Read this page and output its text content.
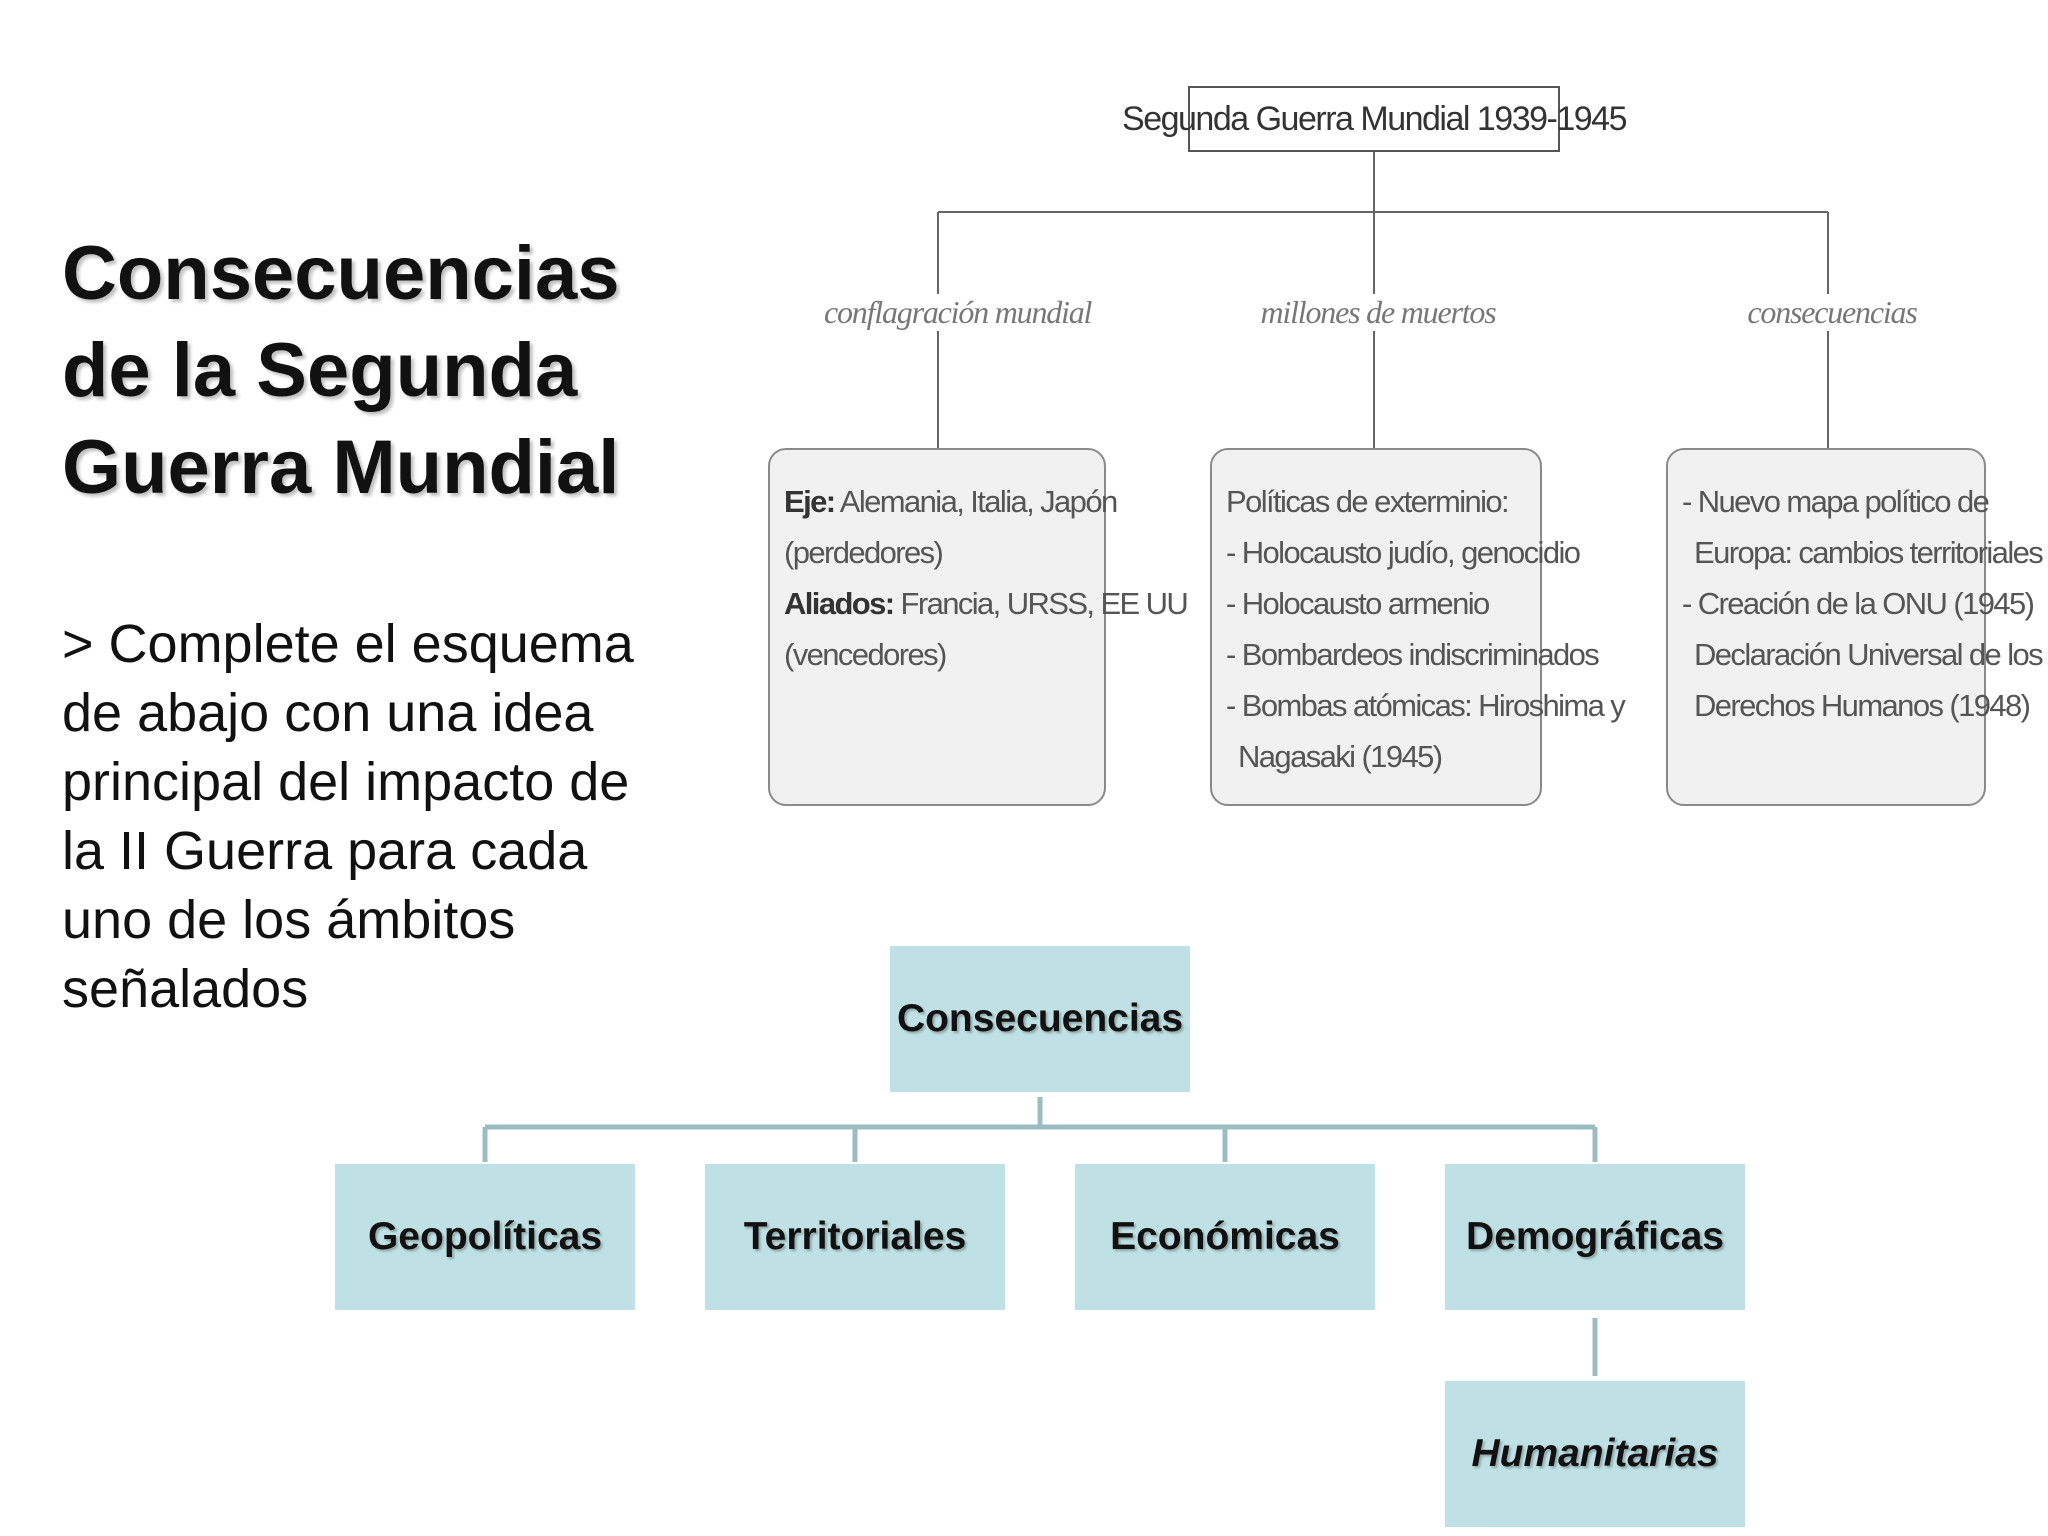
Consecuencias
de la Segunda
Guerra Mundial
> Complete el esquema
de abajo con una idea
principal del impacto de
la II Guerra para cada
uno de los ámbitos
señalados
Segunda Guerra Mundial 1939-1945
conflagración mundial	millones de muertos	consecuencias
Eje: Alemania, Italia, Japón
(perdedores)
Aliados: Francia, URSS, EE UU
(vencedores)
Políticas de exterminio:
- Holocausto judío, genocidio
- Holocausto armenio
- Bombardeos indiscriminados
- Bombas atómicas: Hiroshima y
Nagasaki (1945)
- Nuevo mapa político de
Europa: cambios territoriales
- Creación de la ONU (1945)
Declaración Universal de los
Derechos Humanos (1948)
Consecuencias
Geopolíticas	Territoriales	Económicas	Demográficas
Humanitarias
